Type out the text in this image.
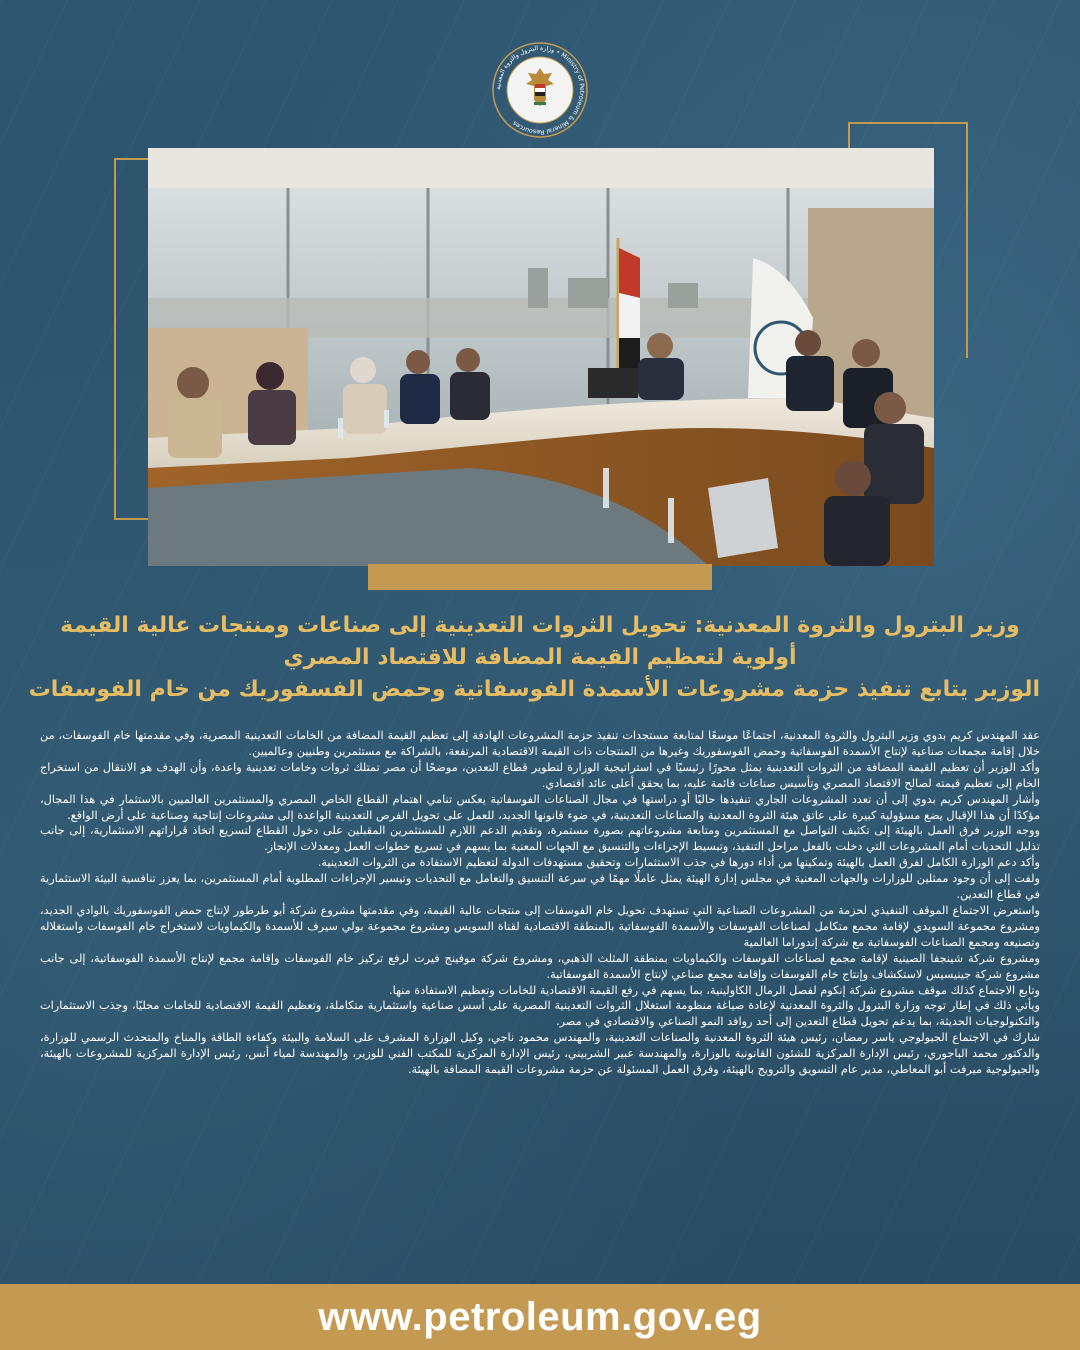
وزارة البترول والثروة المعدنية • Ministry of Petroleum & Mineral Resources
وزير البترول والثروة المعدنية: تحويل الثروات التعدينية إلى صناعات ومنتجات عالية القيمة
أولوية لتعظيم القيمة المضافة للاقتصاد المصري
الوزير يتابع تنفيذ حزمة مشروعات الأسمدة الفوسفاتية وحمض الفسفوريك من خام الفوسفات

عقد المهندس كريم بدوي وزير البترول والثروة المعدنية، اجتماعًا موسعًا لمتابعة مستجدات تنفيذ حزمة المشروعات الهادفة إلى تعظيم القيمة المضافة من الخامات التعدينية المصرية، وفي مقدمتها خام الفوسفات، من خلال إقامة مجمعات صناعية لإنتاج الأسمدة الفوسفاتية وحمض الفوسفوريك وغيرها من المنتجات ذات القيمة الاقتصادية المرتفعة، بالشراكة مع مستثمرين وطنيين وعالميين.

وأكد الوزير أن تعظيم القيمة المضافة من الثروات التعدينية يمثل محورًا رئيسيًا في استراتيجية الوزارة لتطوير قطاع التعدين، موضحًا أن مصر تمتلك ثروات وخامات تعدينية واعدة، وأن الهدف هو الانتقال من استخراج الخام إلى تعظيم قيمته لصالح الاقتصاد المصري وتأسيس صناعات قائمة عليه، بما يحقق أعلى عائد اقتصادي.

وأشار المهندس كريم بدوي إلى أن تعدد المشروعات الجاري تنفيذها حاليًا أو دراستها في مجال الصناعات الفوسفاتية يعكس تنامي اهتمام القطاع الخاص المصري والمستثمرين العالميين بالاستثمار في هذا المجال، مؤكدًا أن هذا الإقبال يضع مسؤولية كبيرة على عاتق هيئة الثروة المعدنية والصناعات التعدينية، في ضوء قانونها الجديد، للعمل على تحويل الفرص التعدينية الواعدة إلى مشروعات إنتاجية وصناعية على أرض الواقع.

ووجه الوزير فرق العمل بالهيئة إلى تكثيف التواصل مع المستثمرين ومتابعة مشروعاتهم بصورة مستمرة، وتقديم الدعم اللازم للمستثمرين المقبلين على دخول القطاع لتسريع اتخاذ قراراتهم الاستثمارية، إلى جانب تذليل التحديات أمام المشروعات التي دخلت بالفعل مراحل التنفيذ، وتبسيط الإجراءات والتنسيق مع الجهات المعنية بما يسهم في تسريع خطوات العمل ومعدلات الإنجاز.

وأكد دعم الوزارة الكامل لفرق العمل بالهيئة وتمكينها من أداء دورها في جذب الاستثمارات وتحقيق مستهدفات الدولة لتعظيم الاستفادة من الثروات التعدينية.

ولفت إلى أن وجود ممثلين للوزارات والجهات المعنية في مجلس إدارة الهيئة يمثل عاملًا مهمًا في سرعة التنسيق والتعامل مع التحديات وتيسير الإجراءات المطلوبة أمام المستثمرين، بما يعزز تنافسية البيئة الاستثمارية في قطاع التعدين.

واستعرض الاجتماع الموقف التنفيذي لحزمة من المشروعات الصناعية التي تستهدف تحويل خام الفوسفات إلى منتجات عالية القيمة، وفي مقدمتها مشروع شركة أبو طرطور لإنتاج حمض الفوسفوريك بالوادي الجديد، ومشروع مجموعة السويدي لإقامة مجمع متكامل لصناعات الفوسفات والأسمدة الفوسفاتية بالمنطقة الاقتصادية لقناة السويس ومشروع مجموعة بولي سيرف للأسمدة والكيماويات لاستخراج خام الفوسفات واستغلاله وتصنيعه ومجمع الصناعات الفوسفاتية مع شركة إندوراما العالمية

ومشروع شركة شينجفا الصينية لإقامة مجمع لصناعات الفوسفات والكيماويات بمنطقة المثلث الذهبي، ومشروع شركة موفينج فيرت لرفع تركيز خام الفوسفات وإقامة مجمع لإنتاج الأسمدة الفوسفاتية، إلى جانب مشروع شركة جينيسيس لاستكشاف وإنتاج خام الفوسفات وإقامة مجمع صناعي لإنتاج الأسمدة الفوسفاتية.

وتابع الاجتماع كذلك موقف مشروع شركة إنكوم لفصل الرمال الكاولينية، بما يسهم في رفع القيمة الاقتصادية للخامات وتعظيم الاستفادة منها.

ويأتي ذلك في إطار توجه وزارة البترول والثروة المعدنية لإعادة صياغة منظومة استغلال الثروات التعدينية المصرية على أسس صناعية واستثمارية متكاملة، وتعظيم القيمة الاقتصادية للخامات محليًا، وجذب الاستثمارات والتكنولوجيات الحديثة، بما يدعم تحويل قطاع التعدين إلى أحد روافد النمو الصناعي والاقتصادي في مصر.

شارك في الاجتماع الجيولوجي ياسر رمضان، رئيس هيئة الثروة المعدنية والصناعات التعدينية، والمهندس محمود ناجي، وكيل الوزارة المشرف على السلامة والبيئة وكفاءة الطاقة والمناخ والمتحدث الرسمي للوزارة، والدكتور محمد الباجوري، رئيس الإدارة المركزية للشئون القانونية بالوزارة، والمهندسة عبير الشربيني، رئيس الإدارة المركزية للمكتب الفني للوزير، والمهندسة لمياء أنس، رئيس الإدارة المركزية للمشروعات بالهيئة، والجيولوجية ميرفت أبو المعاطي، مدير عام التسويق والترويج بالهيئة، وفرق العمل المسئولة عن حزمة مشروعات القيمة المضافة بالهيئة.

www.petroleum.gov.eg
